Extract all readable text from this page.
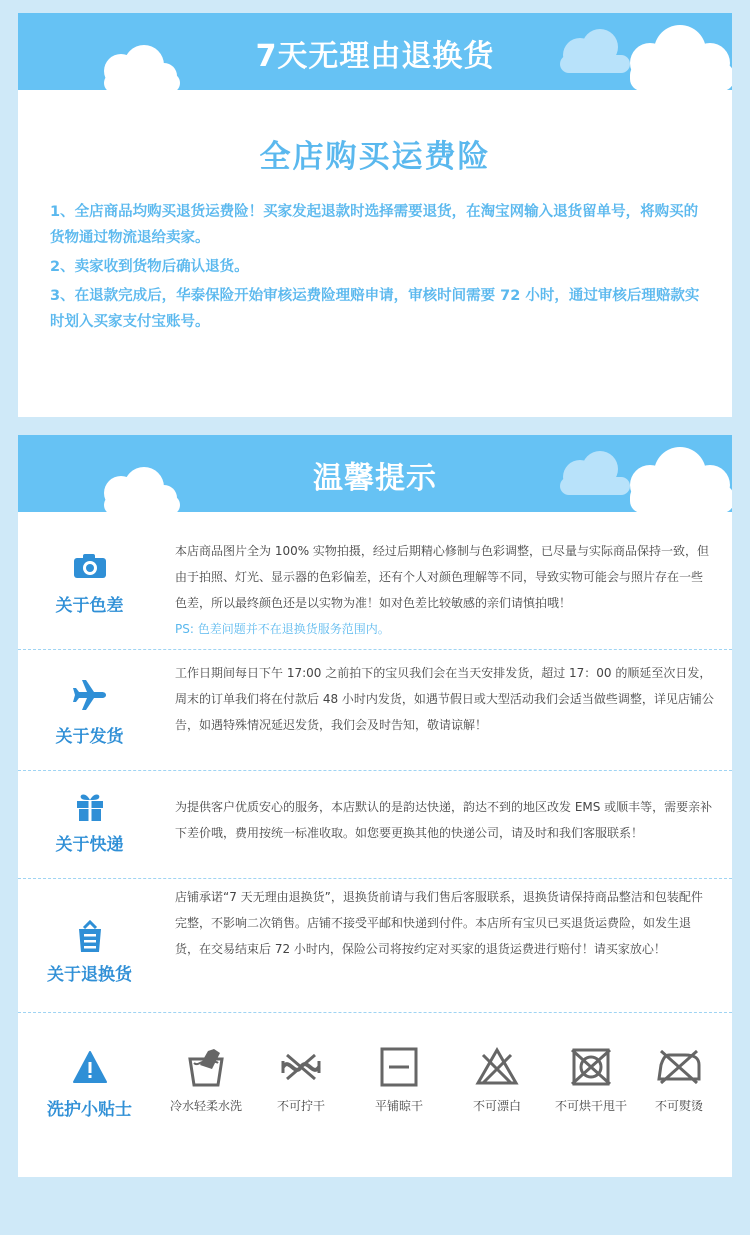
7天无理由退换货
全店购买运费险

1、全店商品均购买退货运费险！买家发起退款时选择需要退货，在淘宝网输入退货留单号，将购买的货物通过物流退给卖家。

2、卖家收到货物后确认退货。

3、在退款完成后，华泰保险开始审核运费险理赔申请，审核时间需要 72 小时，通过审核后理赔款实时划入买家支付宝账号。

温馨提示
关于色差
本店商品图片全为 100% 实物拍摄，经过后期精心修制与色彩调整，已尽量与实际商品保持一致，但由于拍照、灯光、显示器的色彩偏差，还有个人对颜色理解等不同，导致实物可能会与照片存在一些色差，所以最终颜色还是以实物为准！如对色差比较敏感的亲们请慎拍哦！
PS: 色差问题并不在退换货服务范围内。
关于发货
工作日期间每日下午 17:00 之前拍下的宝贝我们会在当天安排发货，超过 17：00 的顺延至次日发，周末的订单我们将在付款后 48 小时内发货，如遇节假日或大型活动我们会适当做些调整，详见店铺公告，如遇特殊情况延迟发货，我们会及时告知，敬请谅解！
关于快递
为提供客户优质安心的服务，本店默认的是韵达快递，韵达不到的地区改发 EMS 或顺丰等，需要亲补下差价哦，费用按统一标准收取。如您要更换其他的快递公司，请及时和我们客服联系！
关于退换货
店铺承诺“7 天无理由退换货”，退换货前请与我们售后客服联系，退换货请保持商品整洁和包装配件完整，不影响二次销售。店铺不接受平邮和快递到付件。本店所有宝贝已买退货运费险，如发生退货，在交易结束后 72 小时内，保险公司将按约定对买家的退货运费进行赔付！请买家放心！
洗护小贴士	冷水轻柔水洗	不可拧干	平铺晾干	不可漂白	不可烘干甩干	不可熨烫
